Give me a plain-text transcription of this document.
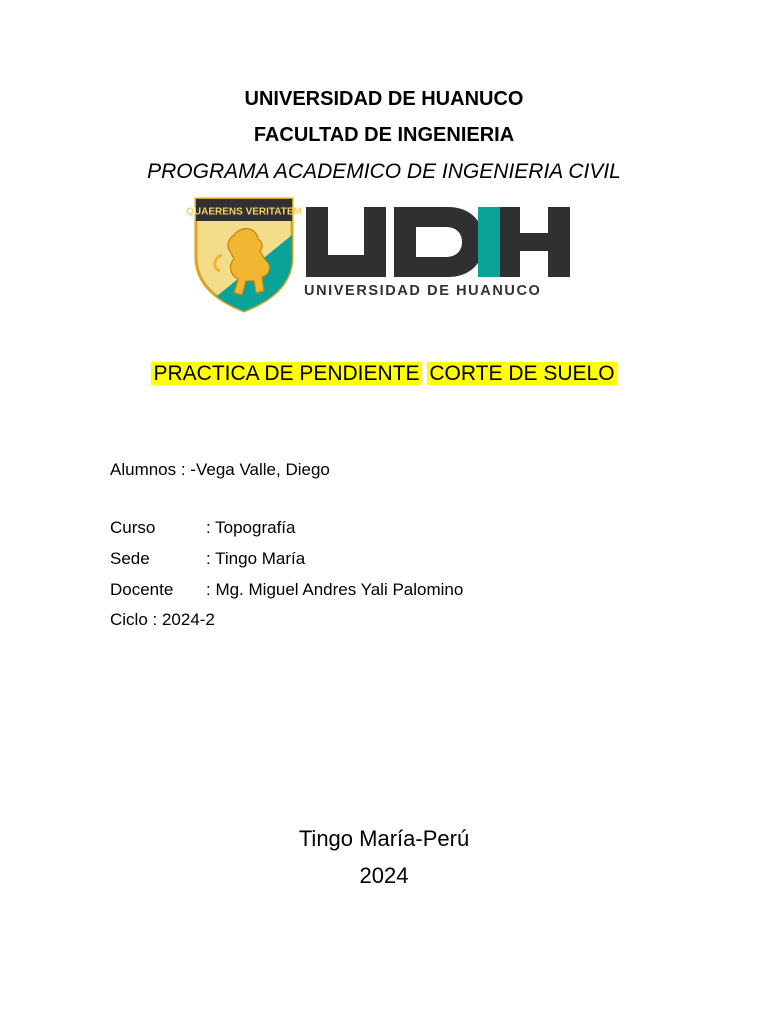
UNIVERSIDAD DE HUANUCO
FACULTAD DE INGENIERIA
PROGRAMA ACADEMICO DE INGENIERIA CIVIL
QUAERENS VERITATEM
UNIVERSIDAD DE HUANUCO
PRACTICA DE PENDIENTE CORTE DE SUELO
Alumnos : -Vega Valle, Diego
Curso	: Topografía
Sede	: Tingo María
Docente : Mg. Miguel Andres Yali Palomino
Ciclo : 2024-2
Tingo María-Perú
2024
